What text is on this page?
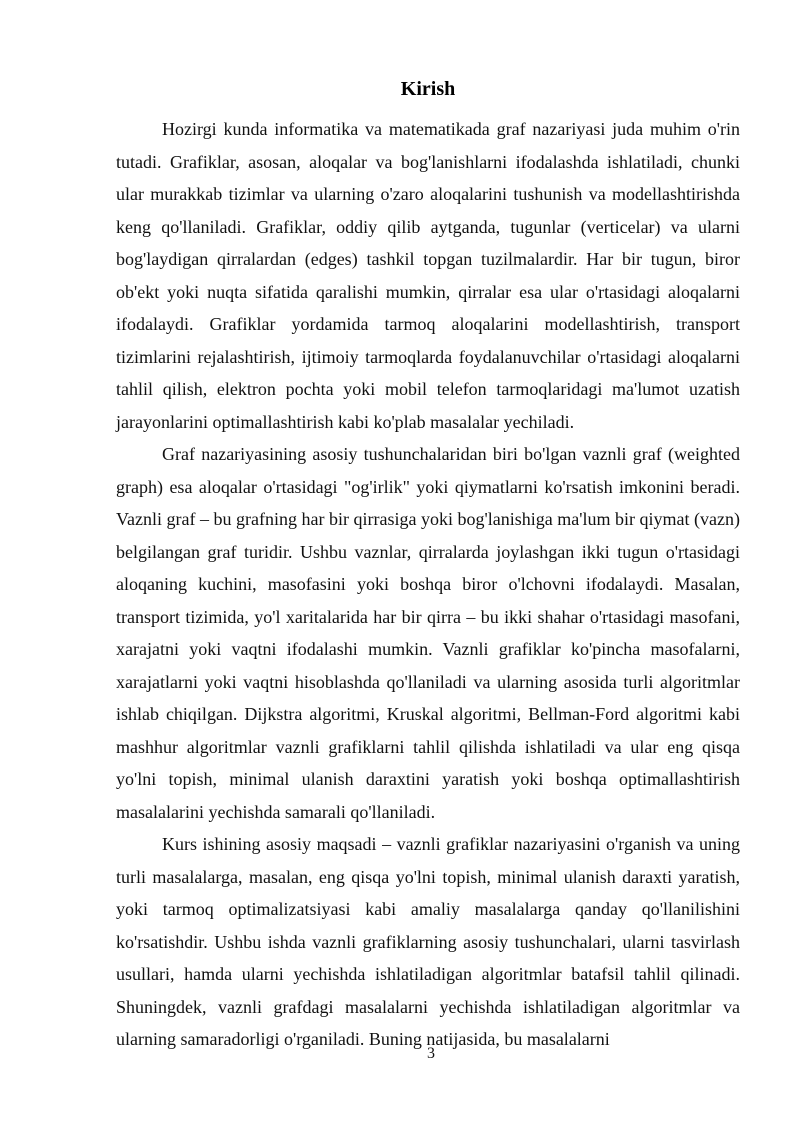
Kirish

Hozirgi kunda informatika va matematikada graf nazariyasi juda muhim o'rin tutadi. Grafiklar, asosan, aloqalar va bog'lanishlarni ifodalashda ishlatiladi, chunki ular murakkab tizimlar va ularning o'zaro aloqalarini tushunish va modellashtirishda keng qo'llaniladi. Grafiklar, oddiy qilib aytganda, tugunlar (verticelar) va ularni bog'laydigan qirralardan (edges) tashkil topgan tuzilmalardir. Har bir tugun, biror ob'ekt yoki nuqta sifatida qaralishi mumkin, qirralar esa ular o'rtasidagi aloqalarni ifodalaydi. Grafiklar yordamida tarmoq aloqalarini modellashtirish, transport tizimlarini rejalashtirish, ijtimoiy tarmoqlarda foydalanuvchilar o'rtasidagi aloqalarni tahlil qilish, elektron pochta yoki mobil telefon tarmoqlaridagi ma'lumot uzatish jarayonlarini optimallashtirish kabi ko'plab masalalar yechiladi.

Graf nazariyasining asosiy tushunchalaridan biri bo'lgan vaznli graf (weighted graph) esa aloqalar o'rtasidagi "og'irlik" yoki qiymatlarni ko'rsatish imkonini beradi. Vaznli graf – bu grafning har bir qirrasiga yoki bog'lanishiga ma'lum bir qiymat (vazn) belgilangan graf turidir. Ushbu vaznlar, qirralarda joylashgan ikki tugun o'rtasidagi aloqaning kuchini, masofasini yoki boshqa biror o'lchovni ifodalaydi. Masalan, transport tizimida, yo'l xaritalarida har bir qirra – bu ikki shahar o'rtasidagi masofani, xarajatni yoki vaqtni ifodalashi mumkin. Vaznli grafiklar ko'pincha masofalarni, xarajatlarni yoki vaqtni hisoblashda qo'llaniladi va ularning asosida turli algoritmlar ishlab chiqilgan. Dijkstra algoritmi, Kruskal algoritmi, Bellman-Ford algoritmi kabi mashhur algoritmlar vaznli grafiklarni tahlil qilishda ishlatiladi va ular eng qisqa yo'lni topish, minimal ulanish daraxtini yaratish yoki boshqa optimallashtirish masalalarini yechishda samarali qo'llaniladi.

Kurs ishining asosiy maqsadi – vaznli grafiklar nazariyasini o'rganish va uning turli masalalarga, masalan, eng qisqa yo'lni topish, minimal ulanish daraxti yaratish, yoki tarmoq optimalizatsiyasi kabi amaliy masalalarga qanday qo'llanilishini ko'rsatishdir. Ushbu ishda vaznli grafiklarning asosiy tushunchalari, ularni tasvirlash usullari, hamda ularni yechishda ishlatiladigan algoritmlar batafsil tahlil qilinadi. Shuningdek, vaznli grafdagi masalalarni yechishda ishlatiladigan algoritmlar va ularning samaradorligi o'rganiladi. Buning natijasida, bu masalalarni

3
